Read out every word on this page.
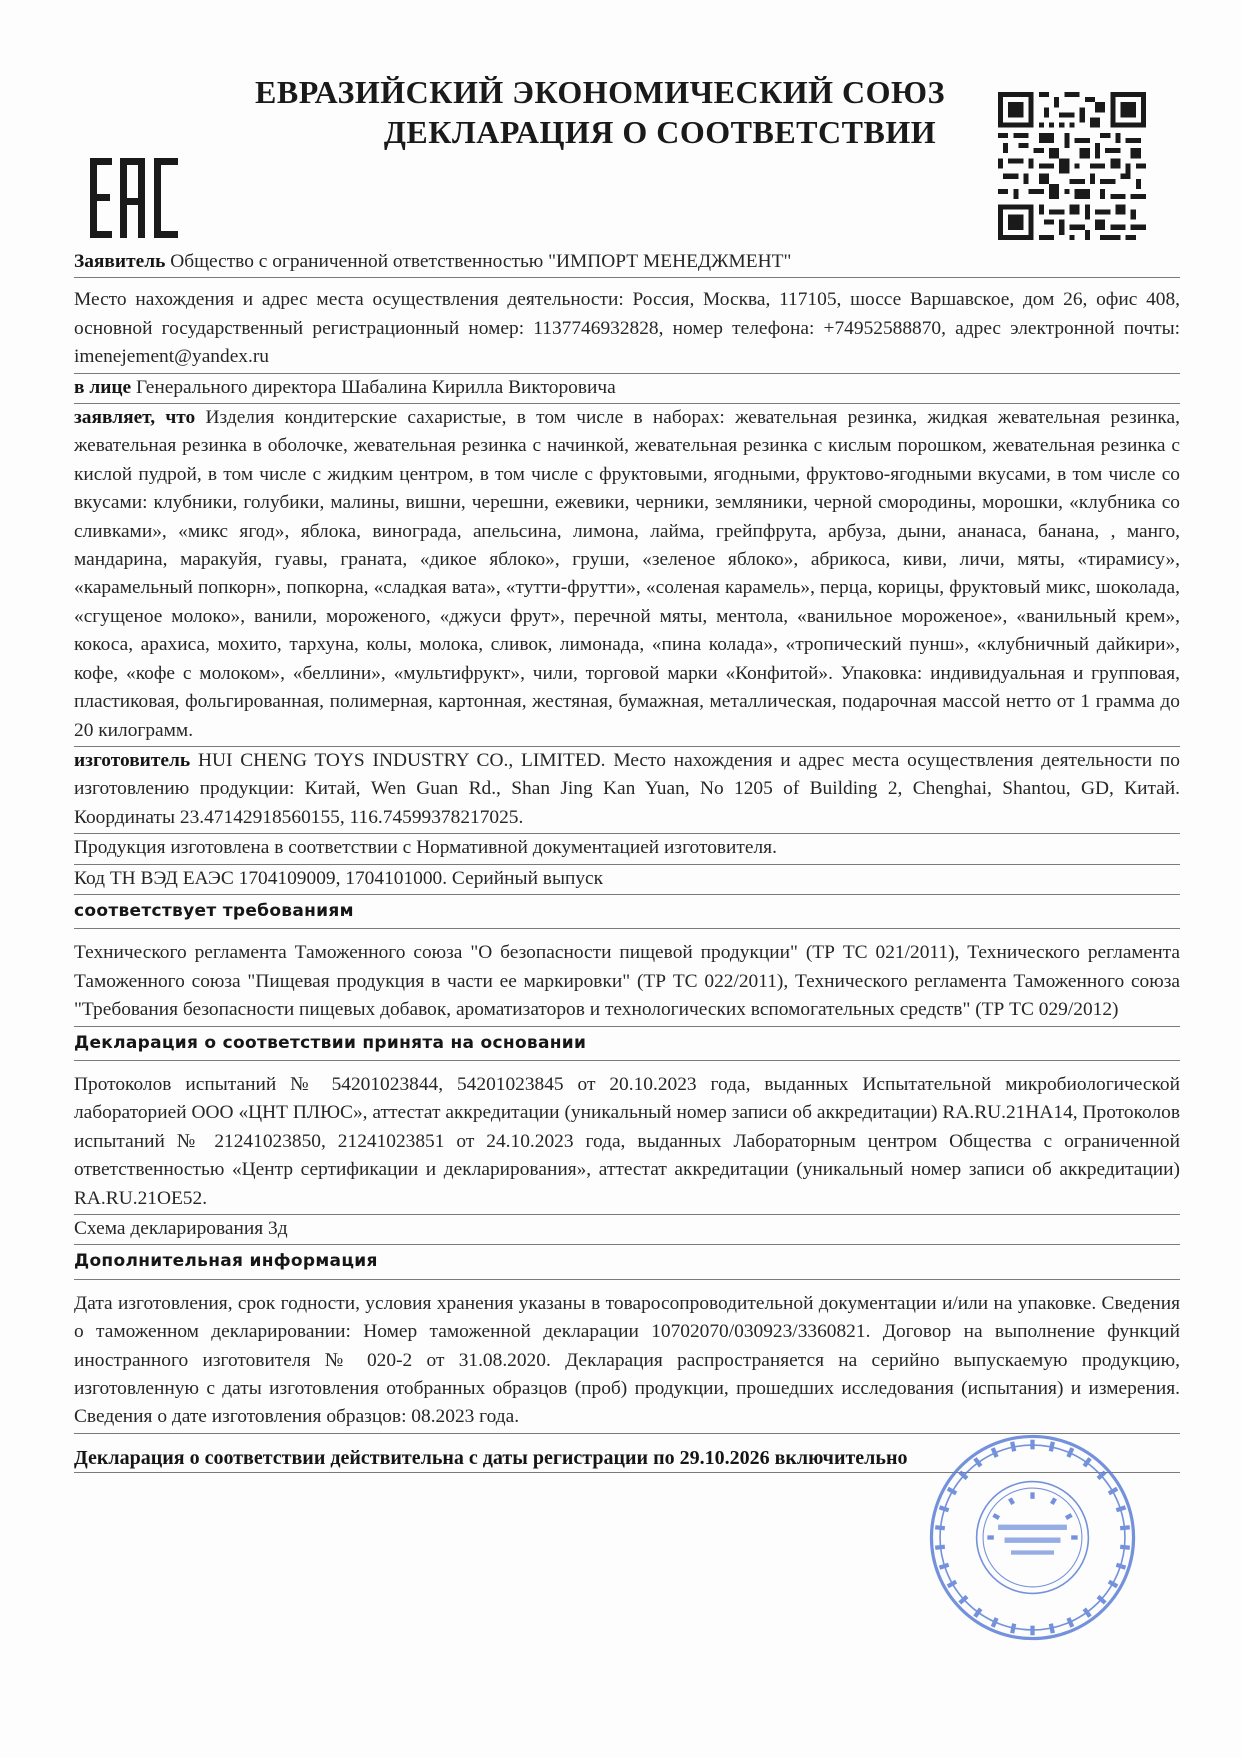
ЕВРАЗИЙСКИЙ ЭКОНОМИЧЕСКИЙ СОЮЗ
ДЕКЛАРАЦИЯ О СООТВЕТСТВИИ
Заявитель Общество с ограниченной ответственностью "ИМПОРТ МЕНЕДЖМЕНТ"
Место нахождения и адрес места осуществления деятельности: Россия, Москва, 117105, шоссе Варшавское, дом 26, офис 408, основной государственный регистрационный номер: 1137746932828, номер телефона: +74952588870, адрес электронной почты: imenejement@yandex.ru
в лице Генерального директора Шабалина Кирилла Викторовича
заявляет, что Изделия кондитерские сахаристые, в том числе в наборах: жевательная резинка, жидкая жевательная резинка, жевательная резинка в оболочке, жевательная резинка с начинкой, жевательная резинка с кислым порошком, жевательная резинка с кислой пудрой, в том числе с жидким центром, в том числе с фруктовыми, ягодными, фруктово-ягодными вкусами, в том числе со вкусами: клубники, голубики, малины, вишни, черешни, ежевики, черники, земляники, черной смородины, морошки, «клубника со сливками», «микс ягод», яблока, винограда, апельсина, лимона, лайма, грейпфрута, арбуза, дыни, ананаса, банана, , манго, мандарина, маракуйя, гуавы, граната, «дикое яблоко», груши, «зеленое яблоко», абрикоса, киви, личи, мяты, «тирамису», «карамельный попкорн», попкорна, «сладкая вата», «тутти-фрутти», «соленая карамель», перца, корицы, фруктовый микс, шоколада, «сгущеное молоко», ванили, мороженого, «джуси фрут», перечной мяты, ментола, «ванильное мороженое», «ванильный крем», кокоса, арахиса, мохито, тархуна, колы, молока, сливок, лимонада, «пина колада», «тропический пунш», «клубничный дайкири», кофе, «кофе с молоком», «беллини», «мультифрукт», чили, торговой марки «Конфитой». Упаковка: индивидуальная и групповая, пластиковая, фольгированная, полимерная, картонная, жестяная, бумажная, металлическая, подарочная массой нетто от 1 грамма до 20 килограмм.
изготовитель HUI CHENG TOYS INDUSTRY CO., LIMITED. Место нахождения и адрес места осуществления деятельности по изготовлению продукции: Китай, Wen Guan Rd., Shan Jing Kan Yuan, No 1205 of Building 2, Chenghai, Shantou, GD, Китай. Координаты 23.47142918560155, 116.74599378217025.
Продукция изготовлена в соответствии с Нормативной документацией изготовителя.
Код ТН ВЭД ЕАЭС 1704109009, 1704101000. Серийный выпуск
соответствует требованиям
Технического регламента Таможенного союза "О безопасности пищевой продукции" (ТР ТС 021/2011), Технического регламента Таможенного союза "Пищевая продукция в части ее маркировки" (ТР ТС 022/2011), Технического регламента Таможенного союза "Требования безопасности пищевых добавок, ароматизаторов и технологических вспомогательных средств" (ТР ТС 029/2012)
Декларация о соответствии принята на основании
Протоколов испытаний № 54201023844, 54201023845 от 20.10.2023 года, выданных Испытательной микробиологической лабораторией ООО «ЦНТ ПЛЮС», аттестат аккредитации (уникальный номер записи об аккредитации) RA.RU.21НА14, Протоколов испытаний № 21241023850, 21241023851 от 24.10.2023 года, выданных Лабораторным центром Общества с ограниченной ответственностью «Центр сертификации и декларирования», аттестат аккредитации (уникальный номер записи об аккредитации) RA.RU.21ОЕ52.
Схема декларирования 3д
Дополнительная информация
Дата изготовления, срок годности, условия хранения указаны в товаросопроводительной документации и/или на упаковке. Сведения о таможенном декларировании: Номер таможенной декларации 10702070/030923/3360821. Договор на выполнение функций иностранного изготовителя № 020-2 от 31.08.2020. Декларация распространяется на серийно выпускаемую продукцию, изготовленную с даты изготовления отобранных образцов (проб) продукции, прошедших исследования (испытания) и измерения. Сведения о дате изготовления образцов: 08.2023 года.
Декларация о соответствии действительна с даты регистрации по 29.10.2026 включительно
